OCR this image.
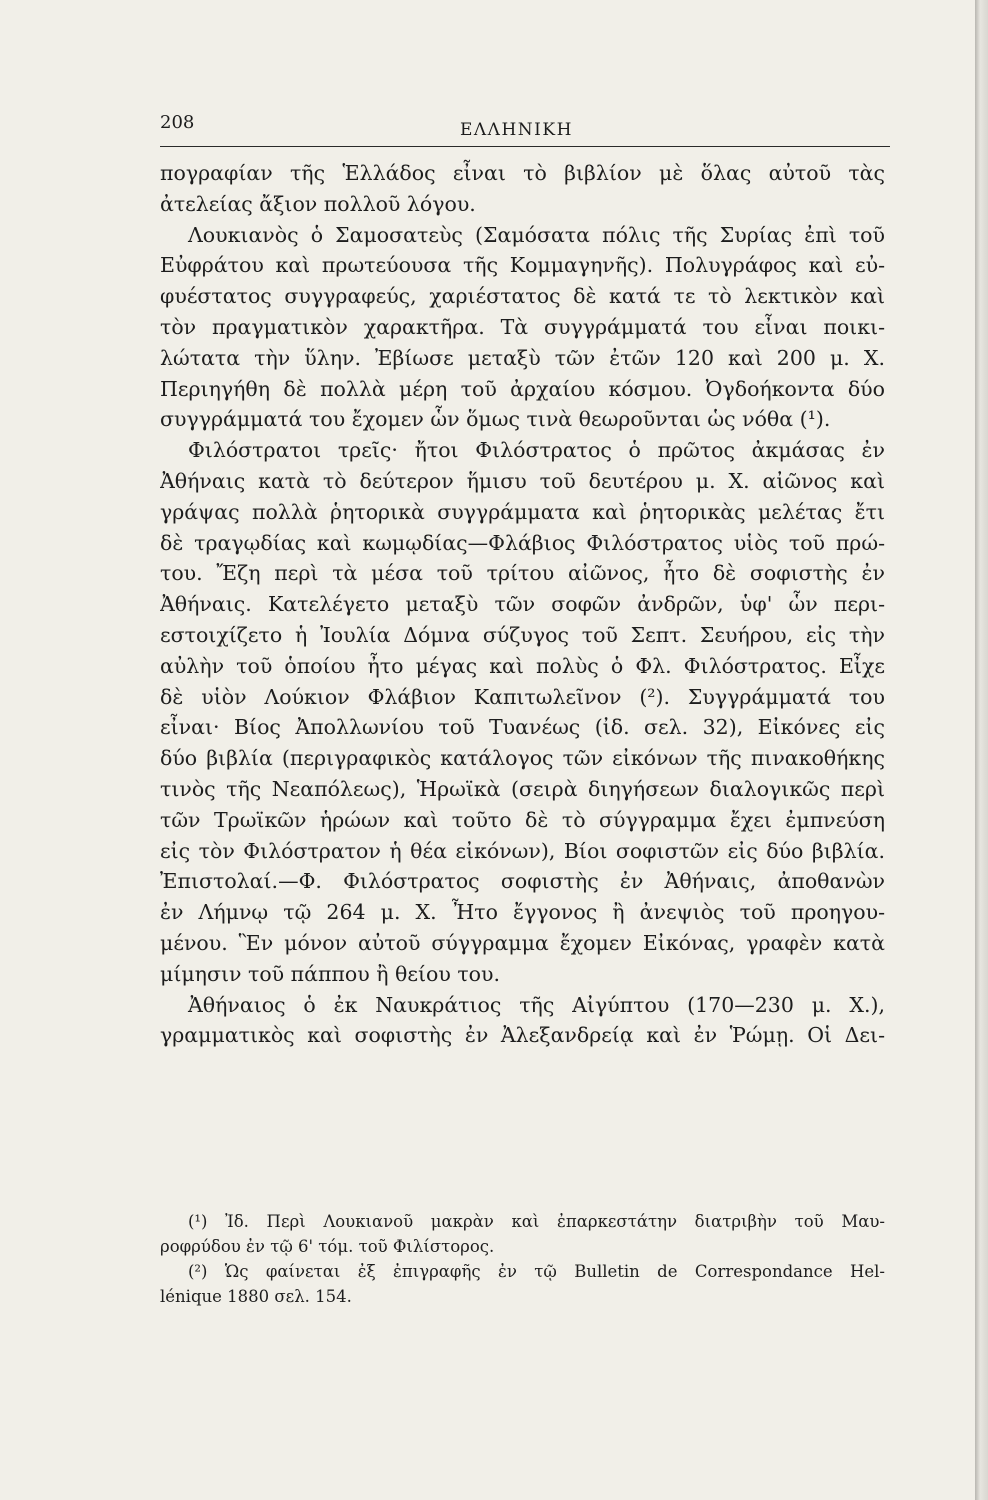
208	ΕΛΛΗΝΙΚΗ
πογραφίαν τῆς Ἑλλάδος εἶναι τὸ βιβλίον μὲ ὅλας αὐτοῦ τὰς
ἀτελείας ἄξιον πολλοῦ λόγου.
Λουκιανὸς ὁ Σαμοσατεὺς (Σαμόσατα πόλις τῆς Συρίας ἐπὶ τοῦ
Εὐφράτου καὶ πρωτεύουσα τῆς Κομμαγηνῆς). Πολυγράφος καὶ εὐ-
φυέστατος συγγραφεύς, χαριέστατος δὲ κατά τε τὸ λεκτικὸν καὶ
τὸν πραγματικὸν χαρακτῆρα. Τὰ συγγράμματά του εἶναι ποικι-
λώτατα τὴν ὕλην. Ἐβίωσε μεταξὺ τῶν ἐτῶν 120 καὶ 200 μ. Χ.
Περιηγήθη δὲ πολλὰ μέρη τοῦ ἀρχαίου κόσμου. Ὀγδοήκοντα δύο
συγγράμματά του ἔχομεν ὧν ὅμως τινὰ θεωροῦνται ὡς νόθα (¹).
Φιλόστρατοι τρεῖς· ἤτοι Φιλόστρατος ὁ πρῶτος ἀκμάσας ἐν
Ἀθήναις κατὰ τὸ δεύτερον ἥμισυ τοῦ δευτέρου μ. Χ. αἰῶνος καὶ
γράψας πολλὰ ῥητορικὰ συγγράμματα καὶ ῥητορικὰς μελέτας ἔτι
δὲ τραγῳδίας καὶ κωμῳδίας—Φλάβιος Φιλόστρατος υἱὸς τοῦ πρώ-
του. Ἔζη περὶ τὰ μέσα τοῦ τρίτου αἰῶνος, ἦτο δὲ σοφιστὴς ἐν
Ἀθήναις. Κατελέγετο μεταξὺ τῶν σοφῶν ἀνδρῶν, ὑφ' ὧν περι-
εστοιχίζετο ἡ Ἰουλία Δόμνα σύζυγος τοῦ Σεπτ. Σευήρου, εἰς τὴν
αὐλὴν τοῦ ὁποίου ἦτο μέγας καὶ πολὺς ὁ Φλ. Φιλόστρατος. Εἶχε
δὲ υἱὸν Λούκιον Φλάβιον Καπιτωλεῖνον (²). Συγγράμματά του
εἶναι· Βίος Ἀπολλωνίου τοῦ Τυανέως (ἰδ. σελ. 32), Εἰκόνες εἰς
δύο βιβλία (περιγραφικὸς κατάλογος τῶν εἰκόνων τῆς πινακοθήκης
τινὸς τῆς Νεαπόλεως), Ἡρωϊκὰ (σειρὰ διηγήσεων διαλογικῶς περὶ
τῶν Τρωϊκῶν ἡρώων καὶ τοῦτο δὲ τὸ σύγγραμμα ἔχει ἐμπνεύση
εἰς τὸν Φιλόστρατον ἡ θέα εἰκόνων), Βίοι σοφιστῶν εἰς δύο βιβλία.
Ἐπιστολαί.—Φ. Φιλόστρατος σοφιστὴς ἐν Ἀθήναις, ἀποθανὼν
ἐν Λήμνῳ τῷ 264 μ. Χ. Ἦτο ἔγγονος ἢ ἀνεψιὸς τοῦ προηγου-
μένου. Ἓν μόνον αὐτοῦ σύγγραμμα ἔχομεν Εἰκόνας, γραφὲν κατὰ
μίμησιν τοῦ πάππου ἢ θείου του.
Ἀθήναιος ὁ ἐκ Ναυκράτιος τῆς Αἰγύπτου (170—230 μ. Χ.),
γραμματικὸς καὶ σοφιστὴς ἐν Ἀλεξανδρείᾳ καὶ ἐν Ῥώμῃ. Οἱ Δει-
(¹) Ἰδ. Περὶ Λουκιανοῦ μακρὰν καὶ ἐπαρκεστάτην διατριβὴν τοῦ Μαυ-
ροφρύδου ἐν τῷ 6' τόμ. τοῦ Φιλίστορος.
(²) Ὡς φαίνεται ἐξ ἐπιγραφῆς ἐν τῷ Bulletin de Correspondance Hel-
lénique 1880 σελ. 154.
